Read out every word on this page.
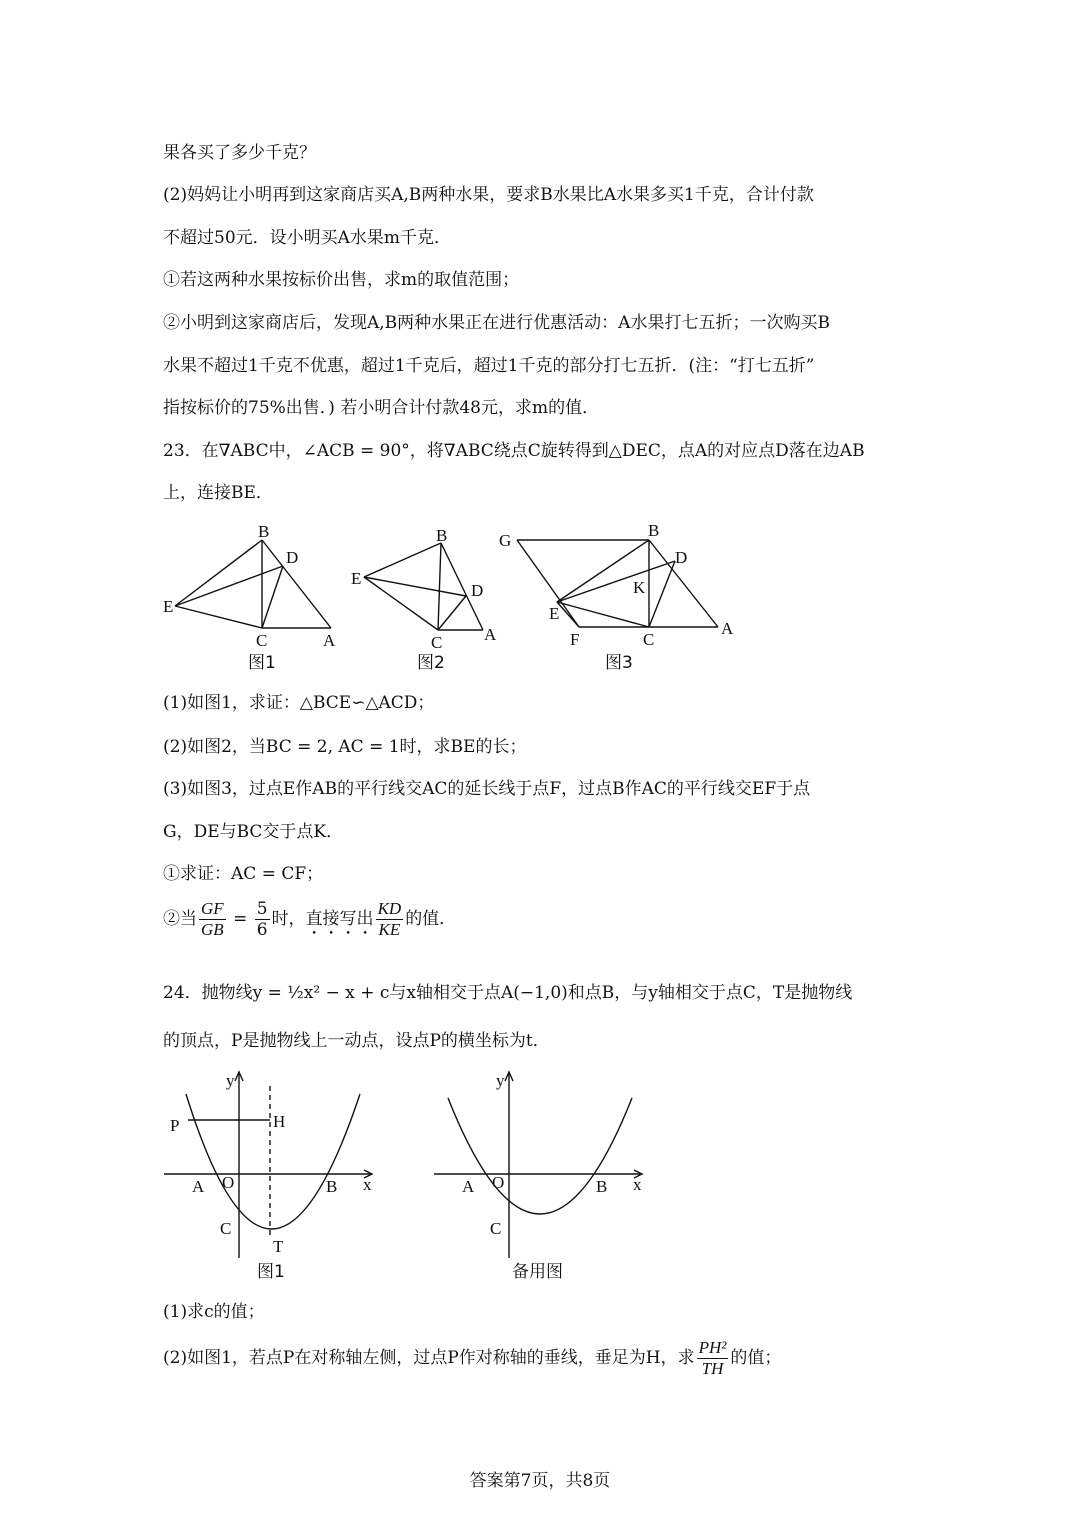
果各买了多少千克？
(2)妈妈让小明再到这家商店买A,B两种水果，要求B水果比A水果多买1千克，合计付款
不超过50元．设小明买A水果m千克．
①若这两种水果按标价出售，求m的取值范围；
②小明到这家商店后，发现A,B两种水果正在进行优惠活动：A水果打七五折；一次购买B
水果不超过1千克不优惠，超过1千克后，超过1千克的部分打七五折．(注：“打七五折”
指按标价的75%出售．) 若小明合计付款48元，求m的值．
23．在∇ABC中，∠ACB = 90°，将∇ABC绕点C旋转得到△DEC，点A的对应点D落在边AB
上，连接BE．
B
D
E
C	A
图1
B
E
D
C A
图2
G
B
D
K
E
F	C
A
图3
(1)如图1，求证：△BCE∽△ACD；
(2)如图2，当BC = 2, AC = 1时，求BE的长；
(3)如图3，过点E作AB的平行线交AC的延长线于点F，过点B作AC的平行线交EF于点
G，DE与BC交于点K．
①求证：AC = CF；
②当 $\frac{GF}{GB} = \frac{5}{6}$ 时，直接写出 $\frac{KD}{KE}$ 的值．
24．抛物线y = ½x² − x + c与x轴相交于点A(−1,0)和点B，与y轴相交于点C，T是抛物线
的顶点，P是抛物线上一动点，设点P的横坐标为t．
y
P	H
A O	B x
C
T
图1
y
A O	B x
C
备用图
(1)求c的值；
(2)如图1，若点P在对称轴左侧，过点P作对称轴的垂线，垂足为H，求 $\frac{\text{PH²}}{TH}$ 的值；
答案第7页，共8页
